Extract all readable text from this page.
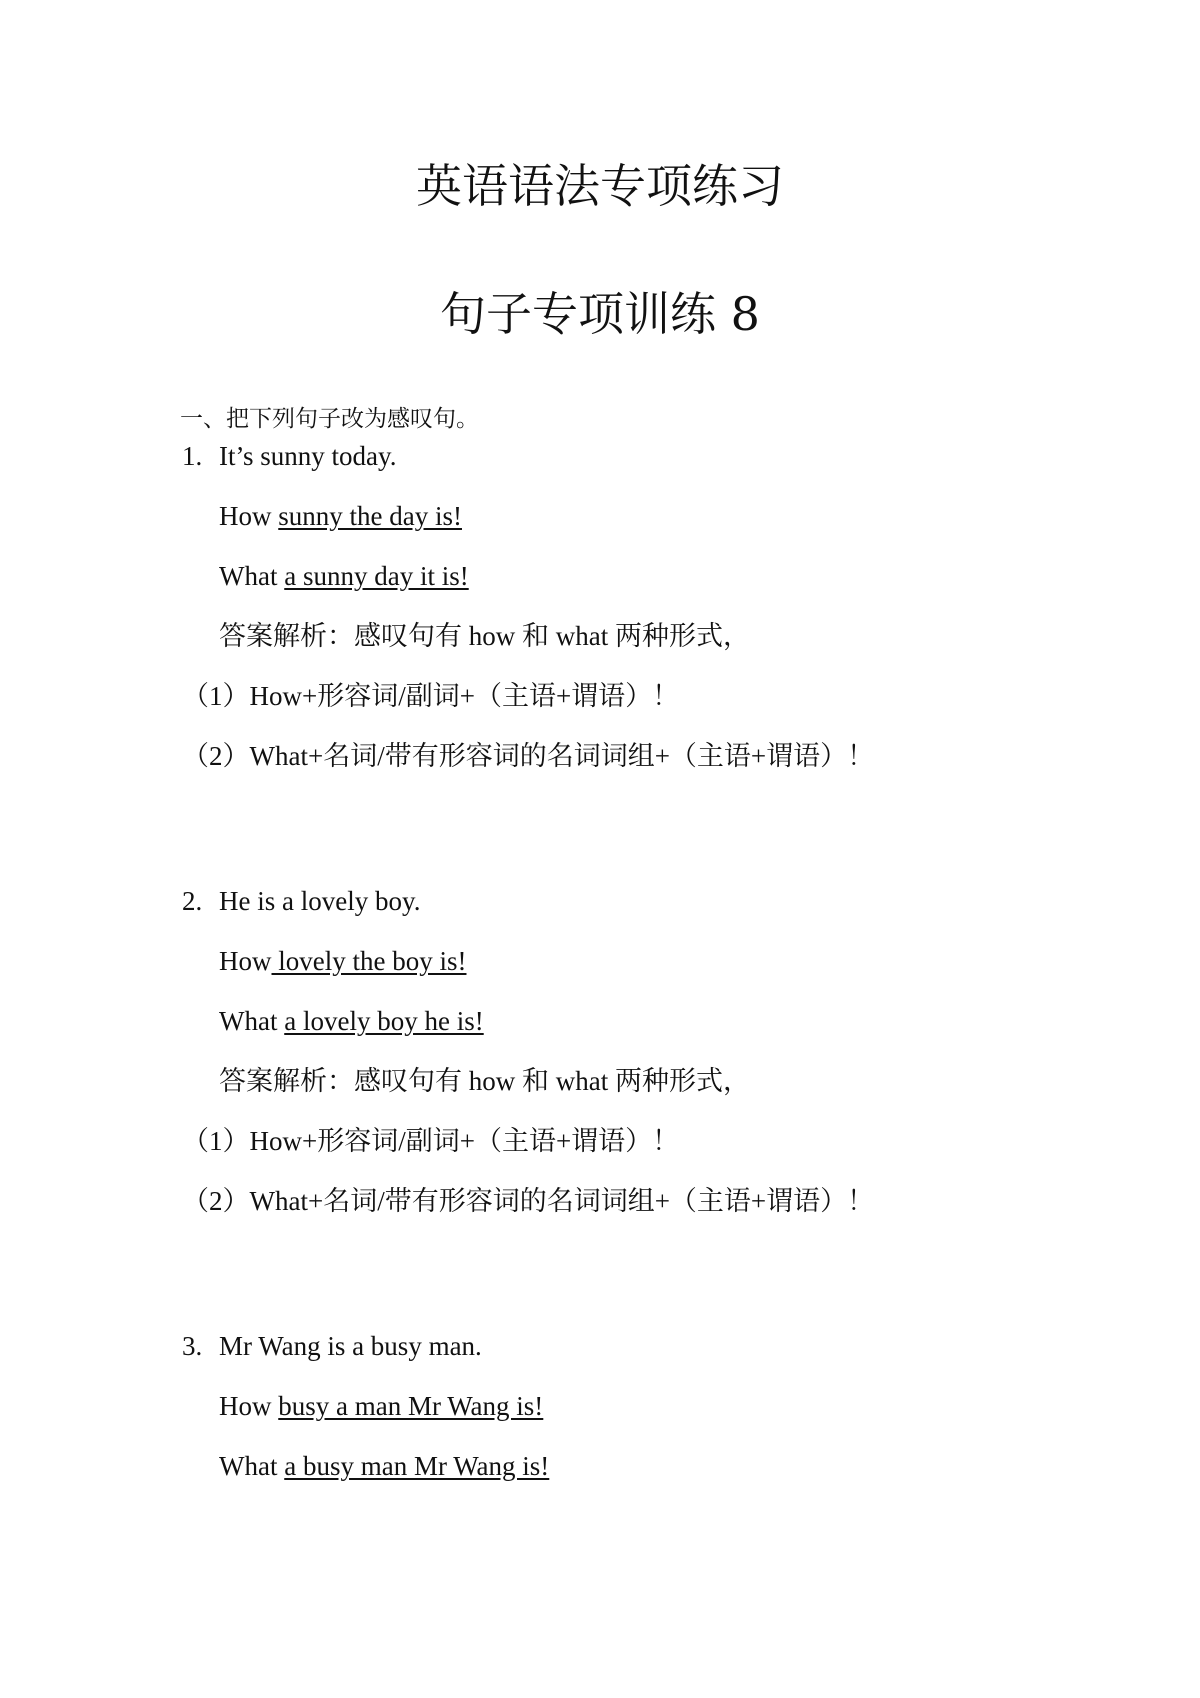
英语语法专项练习
句子专项训练 8

一、把下列句子改为感叹句。

1. It’s sunny today.
How sunny the day is!
What a sunny day it is!
答案解析：感叹句有 how 和 what 两种形式，
（1）How+形容词/副词+（主语+谓语）！
（2）What+名词/带有形容词的名词词组+（主语+谓语）！
2. He is a lovely boy.
How lovely the boy is!
What a lovely boy he is!
答案解析：感叹句有 how 和 what 两种形式，
（1）How+形容词/副词+（主语+谓语）！
（2）What+名词/带有形容词的名词词组+（主语+谓语）！
3. Mr Wang is a busy man.
How busy a man Mr Wang is!
What a busy man Mr Wang is!
